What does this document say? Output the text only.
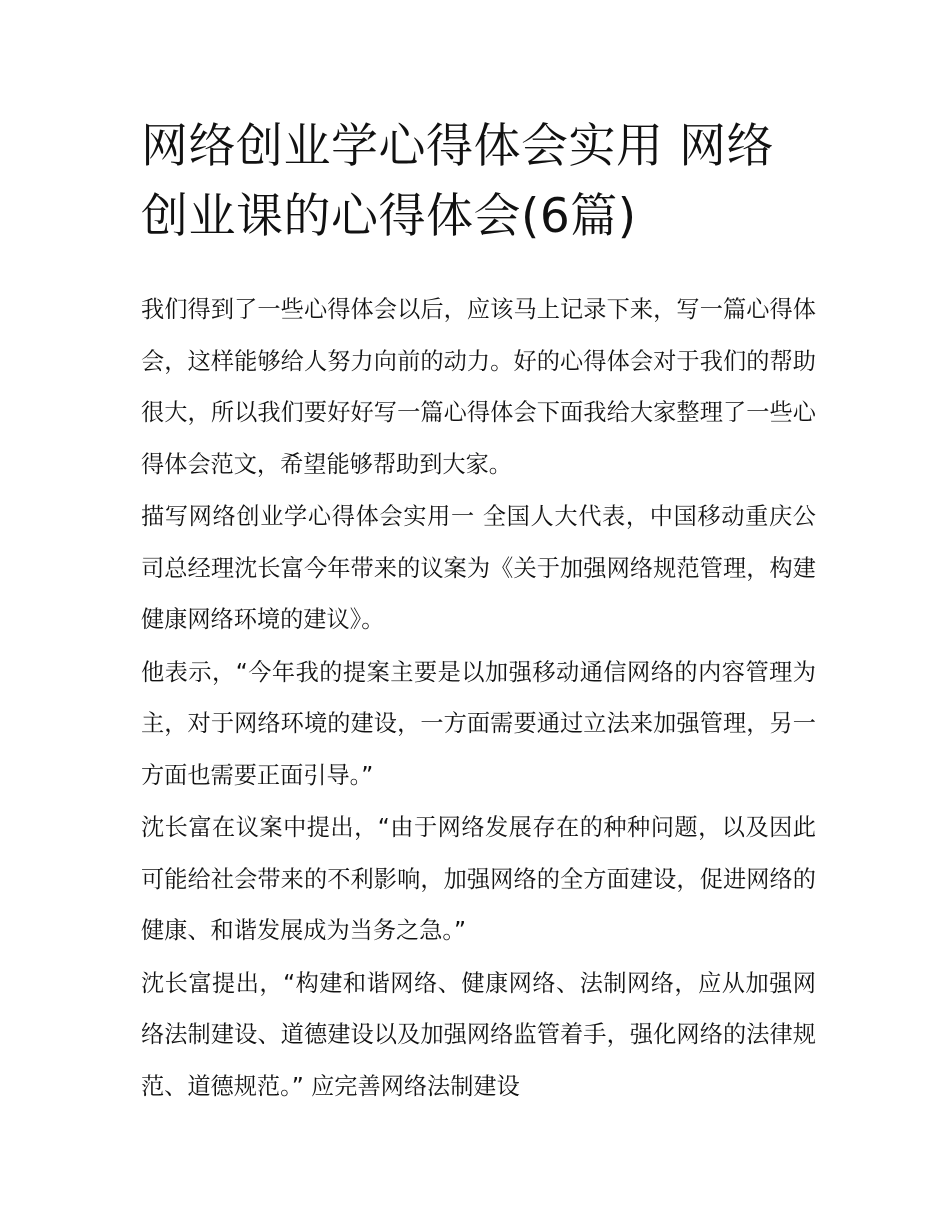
网络创业学心得体会实用 网络创业课的心得体会(6篇)

我们得到了一些心得体会以后，应该马上记录下来，写一篇心得体会，这样能够给人努力向前的动力。好的心得体会对于我们的帮助很大，所以我们要好好写一篇心得体会下面我给大家整理了一些心得体会范文，希望能够帮助到大家。

描写网络创业学心得体会实用一 全国人大代表，中国移动重庆公司总经理沈长富今年带来的议案为《关于加强网络规范管理，构建健康网络环境的建议》。

他表示，“今年我的提案主要是以加强移动通信网络的内容管理为主，对于网络环境的建设，一方面需要通过立法来加强管理，另一方面也需要正面引导。”

沈长富在议案中提出，“由于网络发展存在的种种问题，以及因此可能给社会带来的不利影响，加强网络的全方面建设，促进网络的健康、和谐发展成为当务之急。”

沈长富提出，“构建和谐网络、健康网络、法制网络，应从加强网络法制建设、道德建设以及加强网络监管着手，强化网络的法律规范、道德规范。” 应完善网络法制建设
